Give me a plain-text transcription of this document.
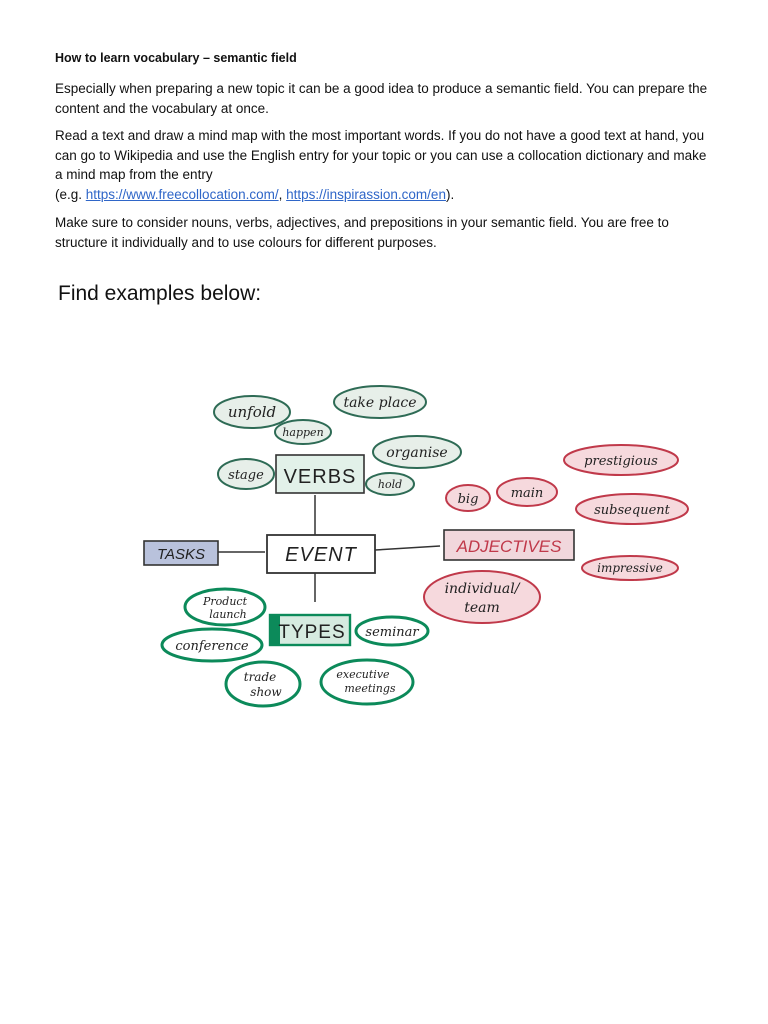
How to learn vocabulary – semantic field

Especially when preparing a new topic it can be a good idea to produce a semantic field. You can prepare the content and the vocabulary at once.

Read a text and draw a mind map with the most important words. If you do not have a good text at hand, you can go to Wikipedia and use the English entry for your topic or you can use a collocation dictionary and make a mind map from the entry
(e.g. https://www.freecollocation.com/, https://inspirassion.com/en).

Make sure to consider nouns, verbs, adjectives, and prepositions in your semantic field. You are free to structure it individually and to use colours for different purposes.

Find examples below:
unfold
happen
take place
organise
stage
hold
VERBS
TASKS	EVENT	ADJECTIVES
prestigious
big main
subsequent
impressive
individual/
team
Product
launch
TYPES
conference
seminar
trade
show
executive
meetings
